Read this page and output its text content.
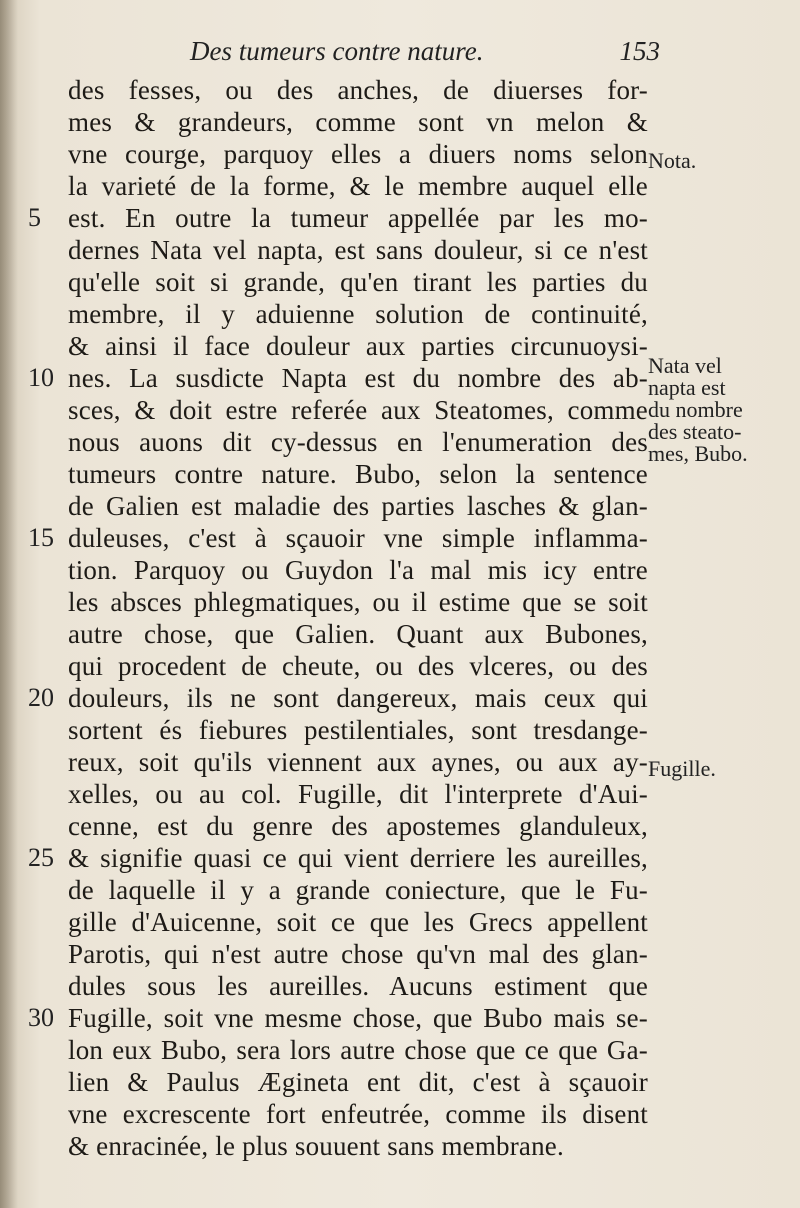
Des tumeurs contre nature.	153
des fesses, ou des anches, de diuerses for-
mes & grandeurs, comme sont vn melon &
vne courge, parquoy elles a diuers noms selon
la varieté de la forme, & le membre auquel elle
est. En outre la tumeur appellée par les mo-
dernes Nata vel napta, est sans douleur, si ce n'est
qu'elle soit si grande, qu'en tirant les parties du
membre, il y aduienne solution de continuité,
& ainsi il face douleur aux parties circunuoysi-
nes. La susdicte Napta est du nombre des ab-
sces, & doit estre referée aux Steatomes, comme
nous auons dit cy-dessus en l'enumeration des
tumeurs contre nature. Bubo, selon la sentence
de Galien est maladie des parties lasches & glan-
duleuses, c'est à sçauoir vne simple inflamma-
tion. Parquoy ou Guydon l'a mal mis icy entre
les absces phlegmatiques, ou il estime que se soit
autre chose, que Galien. Quant aux Bubones,
qui procedent de cheute, ou des vlceres, ou des
douleurs, ils ne sont dangereux, mais ceux qui
sortent és fiebures pestilentiales, sont tresdange-
reux, soit qu'ils viennent aux aynes, ou aux ay-
xelles, ou au col. Fugille, dit l'interprete d'Aui-
cenne, est du genre des apostemes glanduleux,
& signifie quasi ce qui vient derriere les aureilles,
de laquelle il y a grande coniecture, que le Fu-
gille d'Auicenne, soit ce que les Grecs appellent
Parotis, qui n'est autre chose qu'vn mal des glan-
dules sous les aureilles. Aucuns estiment que
Fugille, soit vne mesme chose, que Bubo mais se-
lon eux Bubo, sera lors autre chose que ce que Ga-
lien & Paulus Ægineta ent dit, c'est à sçauoir
vne excrescente fort enfeutrée, comme ils disent
& enracinée, le plus souuent sans membrane.
5
10
15
20
25
30
Nota.
Nata vel
napta est
du nombre
des steato-
mes, Bubo.
Fugille.
